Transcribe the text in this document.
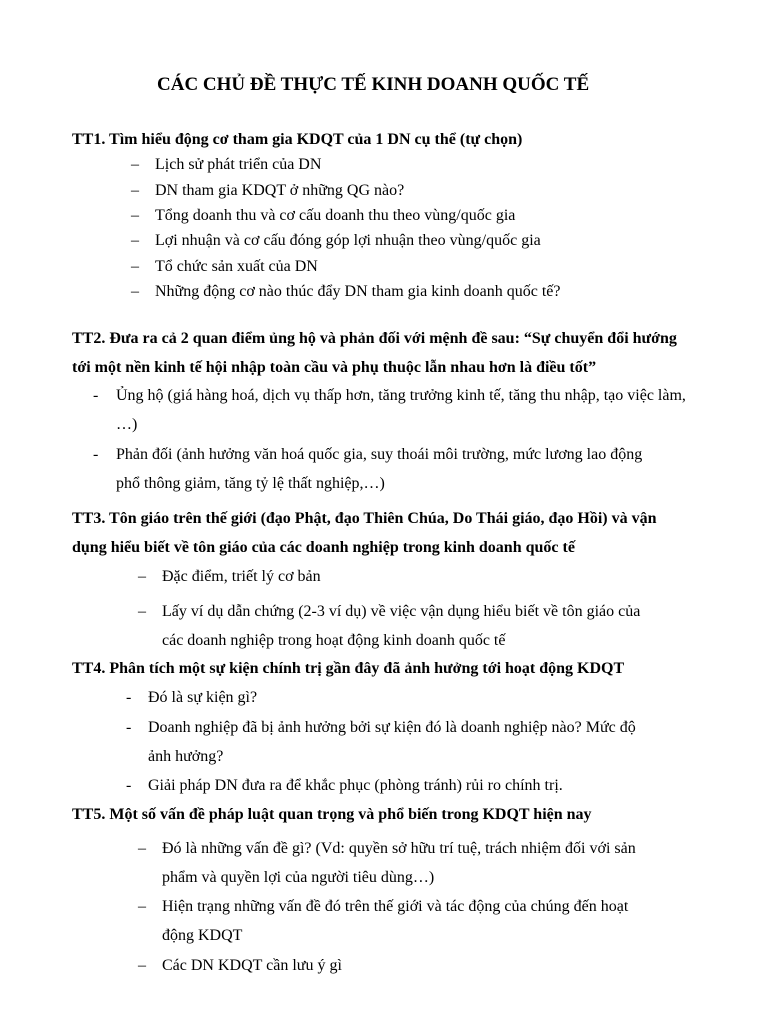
CÁC CHỦ ĐỀ THỰC TẾ KINH DOANH QUỐC TẾ
TT1. Tìm hiểu động cơ tham gia KDQT của 1 DN cụ thể (tự chọn)
– Lịch sử phát triển của DN
– DN tham gia KDQT ở những QG nào?
– Tổng doanh thu và cơ cấu doanh thu theo vùng/quốc gia
– Lợi nhuận và cơ cấu đóng góp lợi nhuận theo vùng/quốc gia
– Tổ chức sản xuất của DN
– Những động cơ nào thúc đẩy DN tham gia kinh doanh quốc tế?
TT2. Đưa ra cả 2 quan điểm ủng hộ và phản đối với mệnh đề sau: “Sự chuyển đổi hướng
tới một nền kinh tế hội nhập toàn cầu và phụ thuộc lẫn nhau hơn là điều tốt”
- Ủng hộ (giá hàng hoá, dịch vụ thấp hơn, tăng trưởng kinh tế, tăng thu nhập, tạo việc làm,
…)
- Phản đối (ảnh hưởng văn hoá quốc gia, suy thoái môi trường, mức lương lao động
phổ thông giảm, tăng tỷ lệ thất nghiệp,…)
TT3. Tôn giáo trên thế giới (đạo Phật, đạo Thiên Chúa, Do Thái giáo, đạo Hồi) và vận
dụng hiểu biết về tôn giáo của các doanh nghiệp trong kinh doanh quốc tế
– Đặc điểm, triết lý cơ bản
– Lấy ví dụ dẫn chứng (2-3 ví dụ) về việc vận dụng hiểu biết về tôn giáo của
các doanh nghiệp trong hoạt động kinh doanh quốc tế
TT4. Phân tích một sự kiện chính trị gần đây đã ảnh hưởng tới hoạt động KDQT
- Đó là sự kiện gì?
- Doanh nghiệp đã bị ảnh hưởng bởi sự kiện đó là doanh nghiệp nào? Mức độ
ảnh hưởng?
- Giải pháp DN đưa ra để khắc phục (phòng tránh) rủi ro chính trị.
TT5. Một số vấn đề pháp luật quan trọng và phổ biến trong KDQT hiện nay
– Đó là những vấn đề gì? (Vd: quyền sở hữu trí tuệ, trách nhiệm đối với sản
phẩm và quyền lợi của người tiêu dùng…)
– Hiện trạng những vấn đề đó trên thế giới và tác động của chúng đến hoạt
động KDQT
– Các DN KDQT cần lưu ý gì
